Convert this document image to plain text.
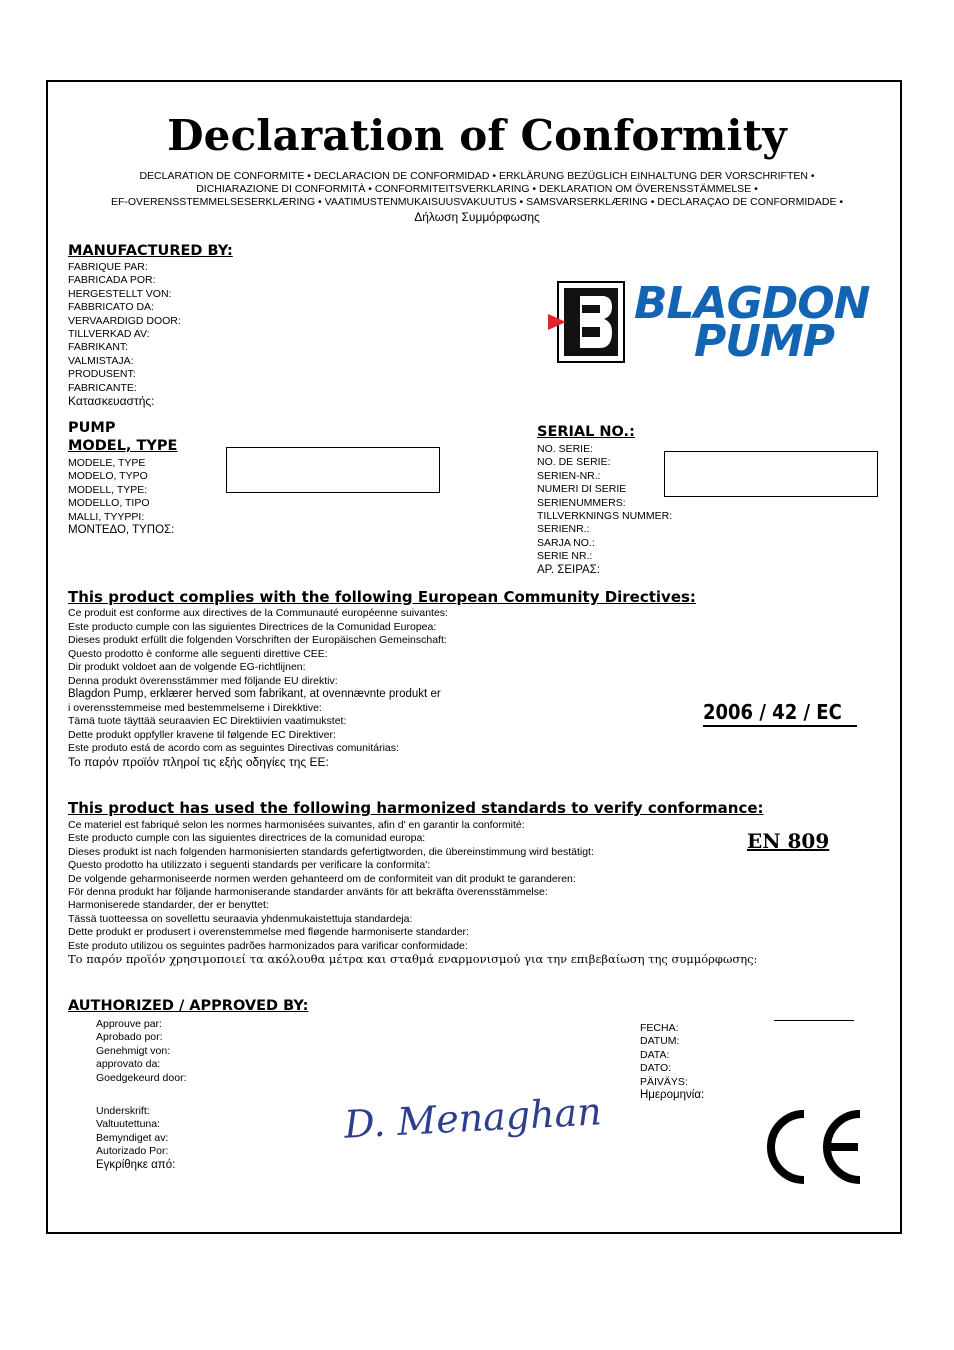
Declaration of Conformity
DECLARATION DE CONFORMITE • DECLARACION DE CONFORMIDAD • ERKLÄRUNG BEZÜGLICH EINHALTUNG DER VORSCHRIFTEN •
DICHIARAZIONE DI CONFORMITÀ • CONFORMITEITSVERKLARING • DEKLARATION OM ÖVERENSSTÄMMELSE •
EF-OVERENSSTEMMELSESERKLÆRING • VAATIMUSTENMUKAISUUSVAKUUTUS • SAMSVARSERKLÆRING • DECLARAÇAO DE CONFORMIDADE •
Δήλωση Συμμόρφωσης
MANUFACTURED BY:
FABRIQUE PAR:
FABRICADA POR:
HERGESTELLT VON:
FABBRICATO DA:
VERVAARDIGD DOOR:
TILLVERKAD AV:
FABRIKANT:
VALMISTAJA:
PRODUSENT:
FABRICANTE:
Κατασκευαστής:
BLAGDON
PUMP
PUMP
MODEL, TYPE
MODELE, TYPE
MODELO, TYPO
MODELL, TYPE:
MODELLO, TIPO
MALLI, TYYPPI:
ΜΟΝΤΕΔΟ, ΤΥΠΟΣ:
SERIAL NO.:
NO. SERIE:
NO. DE SERIE:
SERIEN-NR.:
NUMERI DI SERIE
SERIENUMMERS:
TILLVERKNINGS NUMMER:
SERIENR.:
SARJA NO.:
SERIE NR.:
ΑΡ. ΣΕΙΡΑΣ:
This product complies with the following European Community Directives:
Ce produit est conforme aux directives de la Communauté européenne suivantes:
Este producto cumple con las siguientes Directrices de la Comunidad Europea:
Dieses produkt erfüllt die folgenden Vorschriften der Europäischen Gemeinschaft:
Questo prodotto è conforme alle seguenti direttive CEE:
Dir produkt voldoet aan de volgende EG-richtlijnen:
Denna produkt överensstämmer med följande EU direktiv:
Blagdon Pump, erklærer herved som fabrikant, at ovennævnte produkt er
i overensstemmeise med bestemmelseme i Direkktive:
Tämä tuote täyttää seuraavien EC Direktiivien vaatimukstet:
Dette produkt oppfyller kravene til følgende EC Direktiver:
Este produto está de acordo com as seguintes Directivas comunitárias:
Το παρόν προϊόν πληροί τις εξής οδηγίες της ΕΕ:
2006 / 42 / EC
This product has used the following harmonized standards to verify conformance:
Ce materiel est fabriqué selon les normes harmonisées suivantes, afin d' en garantir la conformité:
Este producto cumple con las siguientes directrices de la comunidad europa:
Dieses produkt ist nach folgenden harmonisierten standards gefertigtworden, die übereinstimmung wird bestätigt:
Questo prodotto ha utilizzato i seguenti standards per verificare la conformita':
De volgende geharmoniseerde normen werden gehanteerd om de conformiteit van dit produkt te garanderen:
För denna produkt har följande harmoniserande standarder använts för att bekräfta överensstämmelse:
Harmoniserede standarder, der er benyttet:
Tässä tuotteessa on sovellettu seuraavia yhdenmukaistettuja standardeja:
Dette produkt er produsert i overenstemmelse med fløgende harmoniserte standarder:
Este produto utilizou os seguintes padrões harmonizados para varificar conformidade:
Το παρόν προϊόν χρησιμοποιεί τα ακόλουθα μέτρα και σταθμά εναρμονισμού για την επιβεβαίωση της συμμόρφωσης:
EN 809
AUTHORIZED / APPROVED BY:
Approuve par:
Aprobado por:
Genehmigt von:
approvato da:
Goedgekeurd door:
Underskrift:
Valtuutettuna:
Bemyndiget av:
Autorizado Por:
Εγκρίθηκε από:
D. Menaghan
FECHA:
DATUM:
DATA:
DATO:
PÄIVÄYS:
Ημερομηνία:
